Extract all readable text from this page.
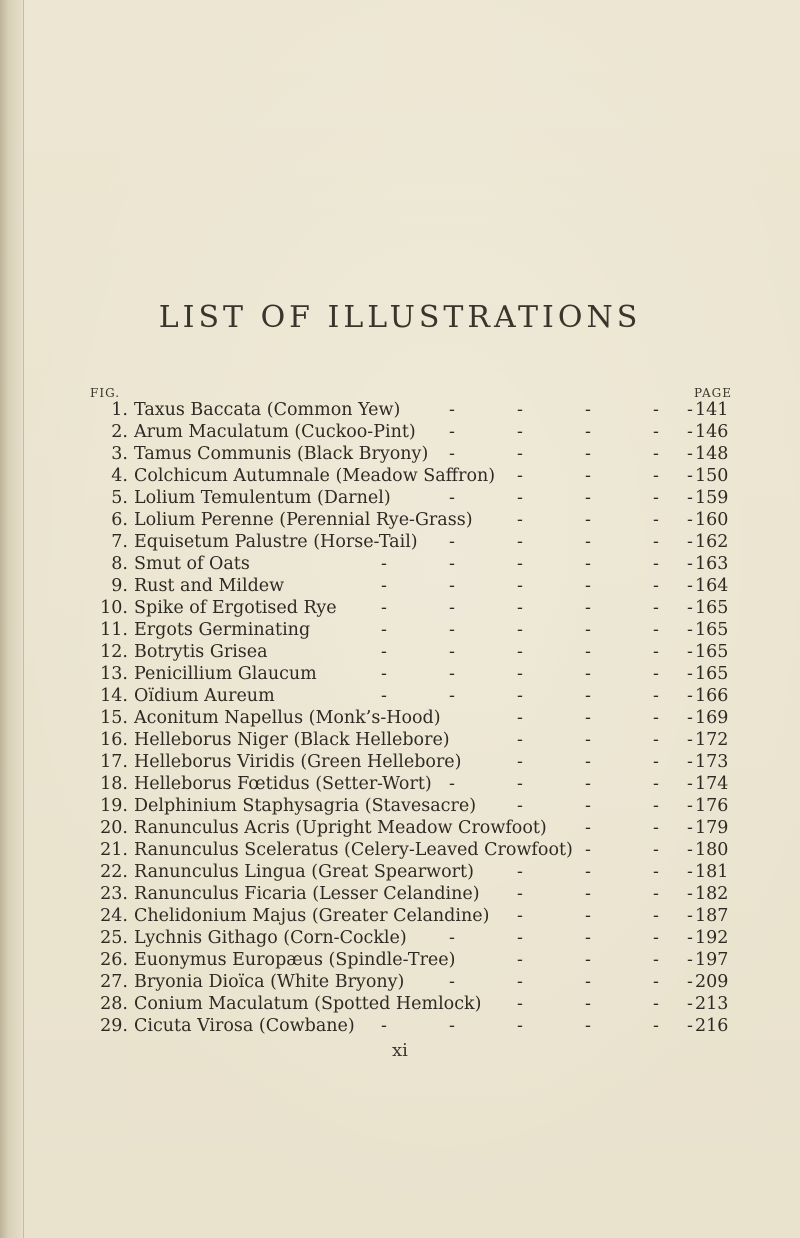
LIST OF ILLUSTRATIONS
FIG.	PAGE
1. Taxus Baccata (Common Yew)	141
-	-	-	- -
2. Arum Maculatum (Cuckoo-Pint)	146
-	-	-	- -
3. Tamus Communis (Black Bryony)	148
-	-	-	- -
4. Colchicum Autumnale (Meadow Saffron)	150
-	-	- -
5. Lolium Temulentum (Darnel)	159
-	-	-	- -
6. Lolium Perenne (Perennial Rye-Grass)	160
-	-	- -
7. Equisetum Palustre (Horse-Tail)	162
-	-	-	- -
8. Smut of Oats	163
-	-	-	-	- -
9. Rust and Mildew	164
-	-	-	-	- -
10. Spike of Ergotised Rye	165
-	-	-	-	- -
11. Ergots Germinating	165
-	-	-	-	- -
12. Botrytis Grisea	165
-	-	-	-	- -
13. Penicillium Glaucum	165
-	-	-	-	- -
14. Oïdium Aureum	166
-	-	-	-	- -
15. Aconitum Napellus (Monk’s-Hood)	169
-	-	- -
16. Helleborus Niger (Black Hellebore)	172
-	-	- -
17. Helleborus Viridis (Green Hellebore)	173
-	-	- -
18. Helleborus Fœtidus (Setter-Wort)	174
-	-	-	- -
19. Delphinium Staphysagria (Stavesacre)	176
-	-	- -
20. Ranunculus Acris (Upright Meadow Crowfoot)	179
-	- -
21. Ranunculus Sceleratus (Celery-Leaved Crowfoot)	180
-	- -
22. Ranunculus Lingua (Great Spearwort)	181
-	-	- -
23. Ranunculus Ficaria (Lesser Celandine)	182
-	-	- -
24. Chelidonium Majus (Greater Celandine)	187
-	-	- -
25. Lychnis Githago (Corn-Cockle)	192
-	-	-	- -
26. Euonymus Europæus (Spindle-Tree)	197
-	-	- -
27. Bryonia Dioïca (White Bryony)	209
-	-	-	- -
28. Conium Maculatum (Spotted Hemlock)	213
-	-	- -
29. Cicuta Virosa (Cowbane)	216
-	-	-	-	- -
xi
